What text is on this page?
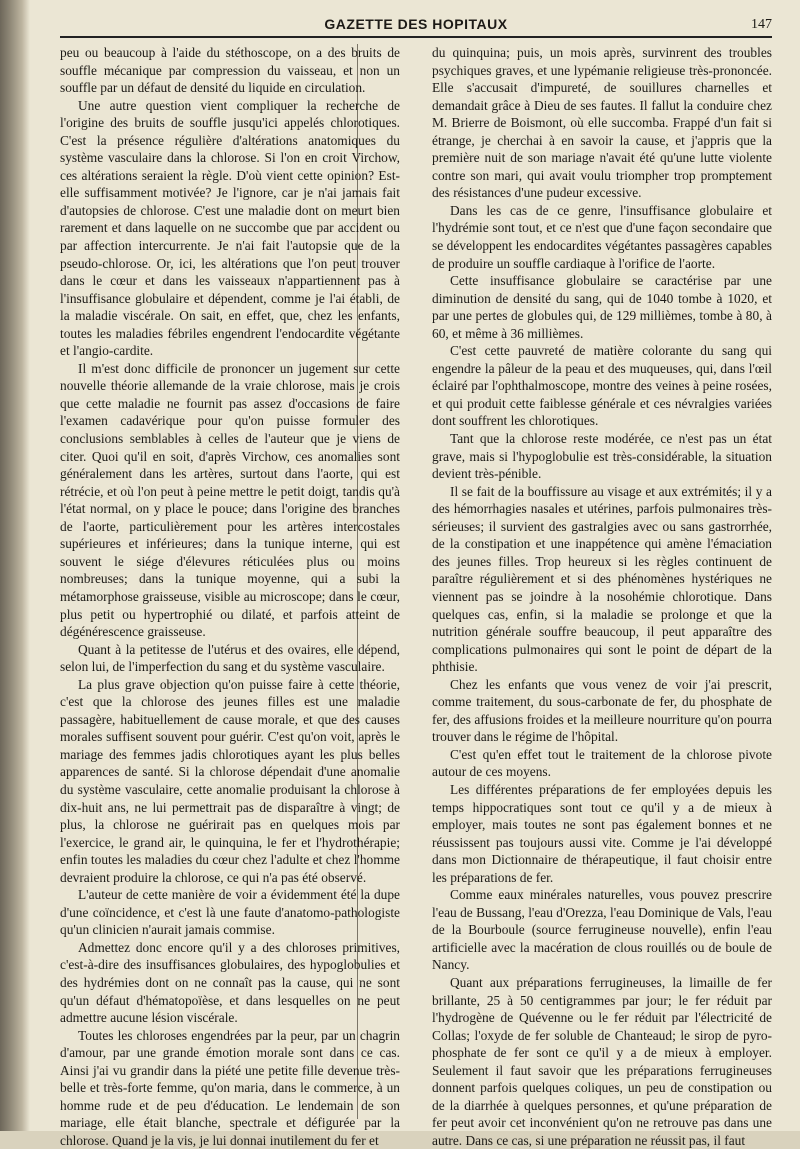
GAZETTE DES HOPITAUX	147

peu ou beaucoup à l'aide du stéthoscope, on a des bruits de souffle mécanique par compression du vaisseau, et non un souffle par un défaut de densité du liquide en circulation.

Une autre question vient compliquer la recherche de l'origine des bruits de souffle jusqu'ici appelés chlorotiques. C'est la présence régulière d'altérations anatomiques du système vasculaire dans la chlorose. Si l'on en croit Virchow, ces altérations seraient la règle. D'où vient cette opinion? Est-elle suffisamment motivée? Je l'ignore, car je n'ai jamais fait d'autopsies de chlorose. C'est une maladie dont on meurt bien rarement et dans laquelle on ne succombe que par accident ou par affection intercurrente. Je n'ai fait l'autopsie que de la pseudo-chlorose. Or, ici, les altérations que l'on peut trouver dans le cœur et dans les vaisseaux n'appartiennent pas à l'insuffisance globulaire et dépendent, comme je l'ai établi, de la maladie viscérale. On sait, en effet, que, chez les enfants, toutes les maladies fébriles engendrent l'endocardite végétante et l'angio-cardite.

Il m'est donc difficile de prononcer un jugement sur cette nouvelle théorie allemande de la vraie chlorose, mais je crois que cette maladie ne fournit pas assez d'occasions de faire l'examen cadavérique pour qu'on puisse formuler des conclusions semblables à celles de l'auteur que je viens de citer. Quoi qu'il en soit, d'après Virchow, ces anomalies sont généralement dans les artères, surtout dans l'aorte, qui est rétrécie, et où l'on peut à peine mettre le petit doigt, tandis qu'à l'état normal, on y place le pouce; dans l'origine des branches de l'aorte, particulièrement pour les artères intercostales supérieures et inférieures; dans la tunique interne, qui est souvent le siége d'élevures réticulées plus ou moins nombreuses; dans la tunique moyenne, qui a subi la métamorphose graisseuse, visible au microscope; dans le cœur, plus petit ou hypertrophié ou dilaté, et parfois atteint de dégénérescence graisseuse.

Quant à la petitesse de l'utérus et des ovaires, elle dépend, selon lui, de l'imperfection du sang et du système vasculaire.

La plus grave objection qu'on puisse faire à cette théorie, c'est que la chlorose des jeunes filles est une maladie passagère, habituellement de cause morale, et que des causes morales suffisent souvent pour guérir. C'est qu'on voit, après le mariage des femmes jadis chlorotiques ayant les plus belles apparences de santé. Si la chlorose dépendait d'une anomalie du système vasculaire, cette anomalie produisant la chlorose à dix-huit ans, ne lui permettrait pas de disparaître à vingt; de plus, la chlorose ne guérirait pas en quelques mois par l'exercice, le grand air, le quinquina, le fer et l'hydrothérapie; enfin toutes les maladies du cœur chez l'adulte et chez l'homme devraient produire la chlorose, ce qui n'a pas été observé.

L'auteur de cette manière de voir a évidemment été la dupe d'une coïncidence, et c'est là une faute d'anatomo-pathologiste qu'un clinicien n'aurait jamais commise.

Admettez donc encore qu'il y a des chloroses primitives, c'est-à-dire des insuffisances globulaires, des hypoglobulies et des hydrémies dont on ne connaît pas la cause, qui ne sont qu'un défaut d'hématopoïèse, et dans lesquelles on ne peut admettre aucune lésion viscérale.

Toutes les chloroses engendrées par la peur, par un chagrin d'amour, par une grande émotion morale sont dans ce cas. Ainsi j'ai vu grandir dans la piété une petite fille devenue très-belle et très-forte femme, qu'on maria, dans le commerce, à un homme rude et de peu d'éducation. Le lendemain de son mariage, elle était blanche, spectrale et défigurée par la chlorose. Quand je la vis, je lui donnai inutilement du fer et

du quinquina; puis, un mois après, survinrent des troubles psychiques graves, et une lypémanie religieuse très-prononcée. Elle s'accusait d'impureté, de souillures charnelles et demandait grâce à Dieu de ses fautes. Il fallut la conduire chez M. Brierre de Boismont, où elle succomba. Frappé d'un fait si étrange, je cherchai à en savoir la cause, et j'appris que la première nuit de son mariage n'avait été qu'une lutte violente contre son mari, qui avait voulu triompher trop promptement des résistances d'une pudeur excessive.

Dans les cas de ce genre, l'insuffisance globulaire et l'hydrémie sont tout, et ce n'est que d'une façon secondaire que se développent les endocardites végétantes passagères capables de produire un souffle cardiaque à l'orifice de l'aorte.

Cette insuffisance globulaire se caractérise par une diminution de densité du sang, qui de 1040 tombe à 1020, et par une pertes de globules qui, de 129 millièmes, tombe à 80, à 60, et même à 36 millièmes.

C'est cette pauvreté de matière colorante du sang qui engendre la pâleur de la peau et des muqueuses, qui, dans l'œil éclairé par l'ophthalmoscope, montre des veines à peine rosées, et qui produit cette faiblesse générale et ces névralgies variées dont souffrent les chlorotiques.

Tant que la chlorose reste modérée, ce n'est pas un état grave, mais si l'hypoglobulie est très-considérable, la situation devient très-pénible.

Il se fait de la bouffissure au visage et aux extrémités; il y a des hémorrhagies nasales et utérines, parfois pulmonaires très-sérieuses; il survient des gastralgies avec ou sans gastrorrhée, de la constipation et une inappétence qui amène l'émaciation des jeunes filles. Trop heureux si les règles continuent de paraître régulièrement et si des phénomènes hystériques ne viennent pas se joindre à la nosohémie chlorotique. Dans quelques cas, enfin, si la maladie se prolonge et que la nutrition générale souffre beaucoup, il peut apparaître des complications pulmonaires qui sont le point de départ de la phthisie.

Chez les enfants que vous venez de voir j'ai prescrit, comme traitement, du sous-carbonate de fer, du phosphate de fer, des affusions froides et la meilleure nourriture qu'on pourra trouver dans le régime de l'hôpital.

C'est qu'en effet tout le traitement de la chlorose pivote autour de ces moyens.

Les différentes préparations de fer employées depuis les temps hippocratiques sont tout ce qu'il y a de mieux à employer, mais toutes ne sont pas également bonnes et ne réussissent pas toujours aussi vite. Comme je l'ai développé dans mon Dictionnaire de thérapeutique, il faut choisir entre les préparations de fer.

Comme eaux minérales naturelles, vous pouvez prescrire l'eau de Bussang, l'eau d'Orezza, l'eau Dominique de Vals, l'eau de la Bourboule (source ferrugineuse nouvelle), enfin l'eau artificielle avec la macération de clous rouillés ou de boule de Nancy.

Quant aux préparations ferrugineuses, la limaille de fer brillante, 25 à 50 centigrammes par jour; le fer réduit par l'hydrogène de Quévenne ou le fer réduit par l'électricité de Collas; l'oxyde de fer soluble de Chanteaud; le sirop de pyro-phosphate de fer sont ce qu'il y a de mieux à employer. Seulement il faut savoir que les préparations ferrugineuses donnent parfois quelques coliques, un peu de constipation ou de la diarrhée à quelques personnes, et qu'une préparation de fer peut avoir cet inconvénient qu'on ne retrouve pas dans une autre. Dans ce cas, si une préparation ne réussit pas, il faut
